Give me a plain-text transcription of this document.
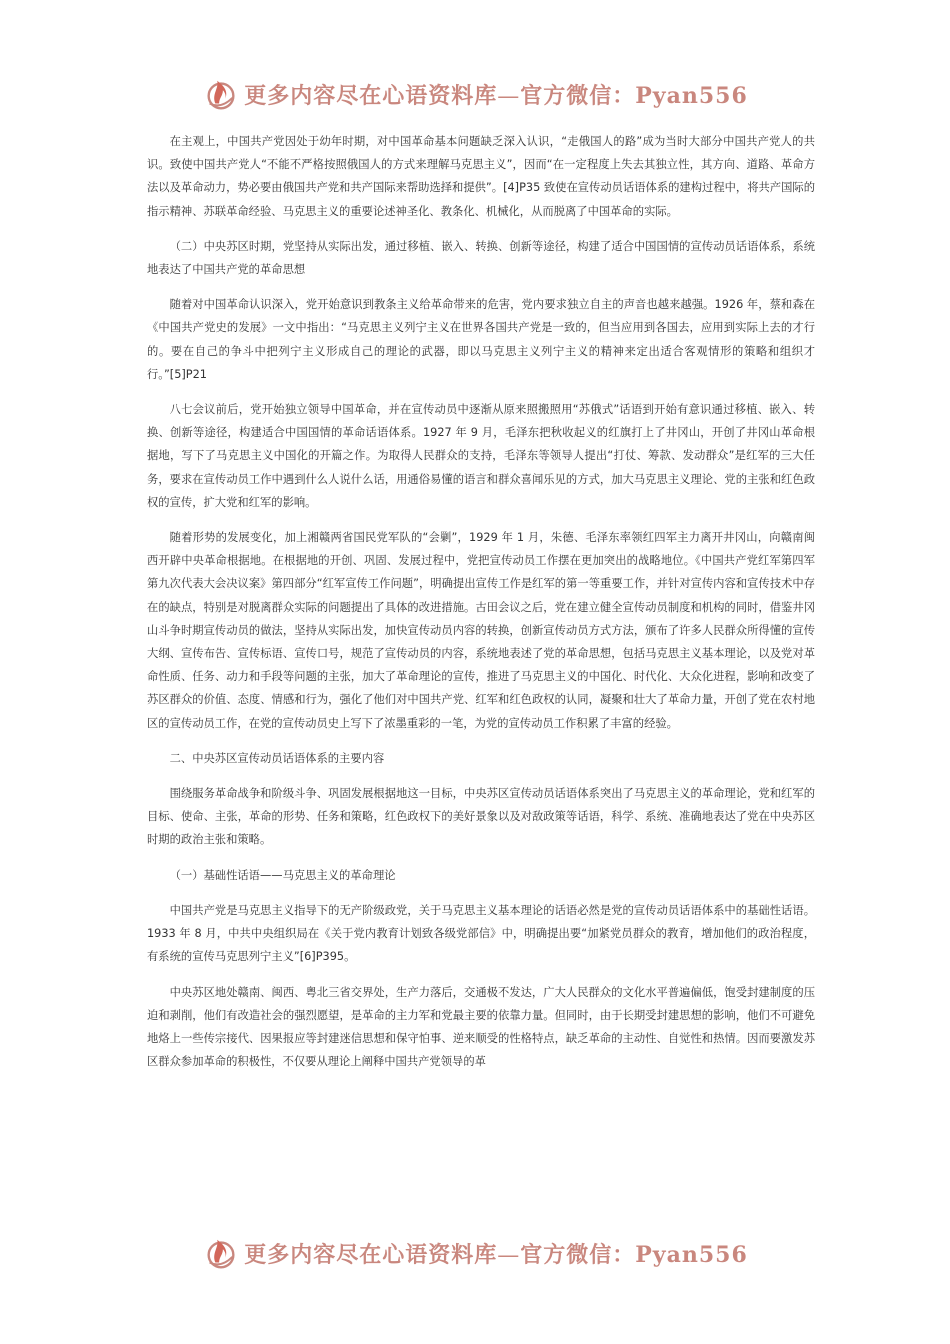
更多内容尽在心语资料库—官方微信：Pyan556

在主观上，中国共产党因处于幼年时期，对中国革命基本问题缺乏深入认识，“走俄国人的路”成为当时大部分中国共产党人的共识。致使中国共产党人“不能不严格按照俄国人的方式来理解马克思主义”，因而“在一定程度上失去其独立性，其方向、道路、革命方法以及革命动力，势必要由俄国共产党和共产国际来帮助选择和提供”。[4]P35 致使在宣传动员话语体系的建构过程中，将共产国际的指示精神、苏联革命经验、马克思主义的重要论述神圣化、教条化、机械化，从而脱离了中国革命的实际。

（二）中央苏区时期，党坚持从实际出发，通过移植、嵌入、转换、创新等途径，构建了适合中国国情的宣传动员话语体系，系统地表达了中国共产党的革命思想

随着对中国革命认识深入，党开始意识到教条主义给革命带来的危害，党内要求独立自主的声音也越来越强。1926 年，蔡和森在《中国共产党史的发展》一文中指出：“马克思主义列宁主义在世界各国共产党是一致的，但当应用到各国去，应用到实际上去的才行的。要在自己的争斗中把列宁主义形成自己的理论的武器，即以马克思主义列宁主义的精神来定出适合客观情形的策略和组织才行。”[5]P21

八七会议前后，党开始独立领导中国革命，并在宣传动员中逐渐从原来照搬照用“苏俄式”话语到开始有意识通过移植、嵌入、转换、创新等途径，构建适合中国国情的革命话语体系。1927 年 9 月，毛泽东把秋收起义的红旗打上了井冈山，开创了井冈山革命根据地，写下了马克思主义中国化的开篇之作。为取得人民群众的支持，毛泽东等领导人提出“打仗、筹款、发动群众”是红军的三大任务，要求在宣传动员工作中遇到什么人说什么话，用通俗易懂的语言和群众喜闻乐见的方式，加大马克思主义理论、党的主张和红色政权的宣传，扩大党和红军的影响。

随着形势的发展变化，加上湘赣两省国民党军队的“会剿”，1929 年 1 月，朱德、毛泽东率领红四军主力离开井冈山，向赣南闽西开辟中央革命根据地。在根据地的开创、巩固、发展过程中，党把宣传动员工作摆在更加突出的战略地位。《中国共产党红军第四军第九次代表大会决议案》第四部分“红军宣传工作问题”，明确提出宣传工作是红军的第一等重要工作，并针对宣传内容和宣传技术中存在的缺点，特别是对脱离群众实际的问题提出了具体的改进措施。古田会议之后，党在建立健全宣传动员制度和机构的同时，借鉴井冈山斗争时期宣传动员的做法，坚持从实际出发，加快宣传动员内容的转换，创新宣传动员方式方法，颁布了许多人民群众所得懂的宣传大纲、宣传布告、宣传标语、宣传口号，规范了宣传动员的内容，系统地表述了党的革命思想，包括马克思主义基本理论，以及党对革命性质、任务、动力和手段等问题的主张，加大了革命理论的宣传，推进了马克思主义的中国化、时代化、大众化进程，影响和改变了苏区群众的价值、态度、情感和行为，强化了他们对中国共产党、红军和红色政权的认同，凝聚和壮大了革命力量，开创了党在农村地区的宣传动员工作，在党的宣传动员史上写下了浓墨重彩的一笔，为党的宣传动员工作积累了丰富的经验。

二、中央苏区宣传动员话语体系的主要内容

围绕服务革命战争和阶级斗争、巩固发展根据地这一目标，中央苏区宣传动员话语体系突出了马克思主义的革命理论，党和红军的目标、使命、主张，革命的形势、任务和策略，红色政权下的美好景象以及对敌政策等话语，科学、系统、准确地表达了党在中央苏区时期的政治主张和策略。

（一）基础性话语——马克思主义的革命理论

中国共产党是马克思主义指导下的无产阶级政党，关于马克思主义基本理论的话语必然是党的宣传动员话语体系中的基础性话语。1933 年 8 月，中共中央组织局在《关于党内教育计划致各级党部信》中，明确提出要“加紧党员群众的教育，增加他们的政治程度，有系统的宣传马克思列宁主义”[6]P395。

中央苏区地处赣南、闽西、粤北三省交界处，生产力落后，交通极不发达，广大人民群众的文化水平普遍偏低，饱受封建制度的压迫和剥削，他们有改造社会的强烈愿望，是革命的主力军和党最主要的依靠力量。但同时，由于长期受封建思想的影响，他们不可避免地烙上一些传宗接代、因果报应等封建迷信思想和保守怕事、逆来顺受的性格特点，缺乏革命的主动性、自觉性和热情。因而要激发苏区群众参加革命的积极性，不仅要从理论上阐释中国共产党领导的革

更多内容尽在心语资料库—官方微信：Pyan556
